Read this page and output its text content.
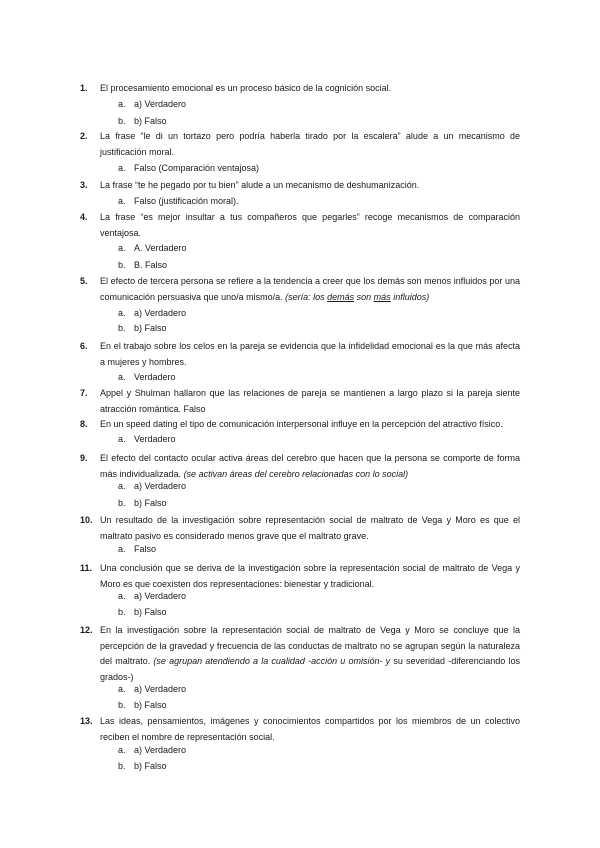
1.	El procesamiento emocional es un proceso básico de la cognición social.
a. a) Verdadero
b. b) Falso
2.	La frase “le di un tortazo pero podría haberla tirado por la escalera” alude a un mecanismo de justificación moral.
a. Falso (Comparación ventajosa)
3.	La frase “te he pegado por tu bien” alude a un mecanismo de deshumanización.
a. Falso (justificación moral).
4.	La frase “es mejor insultar a tus compañeros que pegarles” recoge mecanismos de comparación ventajosa.
a. A. Verdadero
b. B. Falso
5.	El efecto de tercera persona se refiere a la tendencia a creer que los demás son menos influidos por una comunicación persuasiva que uno/a mismo/a. (sería: los demás son más influidos)
a. a) Verdadero
b. b) Falso
6.	En el trabajo sobre los celos en la pareja se evidencia que la infidelidad emocional es la que más afecta a mujeres y hombres.
a. Verdadero
7.	Appel y Shulman hallaron que las relaciones de pareja se mantienen a largo plazo si la pareja siente atracción romántica. Falso
8.	En un speed dating el tipo de comunicación interpersonal influye en la percepción del atractivo físico.
a. Verdadero
9.	El efecto del contacto ocular activa áreas del cerebro que hacen que la persona se comporte de forma más individualizada. (se activan áreas del cerebro relacionadas con lo social)
a. a) Verdadero
b. b) Falso
10. Un resultado de la investigación sobre representación social de maltrato de Vega y Moro es que el maltrato pasivo es considerado menos grave que el maltrato grave.
a. Falso
11. Una conclusión que se deriva de la investigación sobre la representación social de maltrato de Vega y Moro es que coexisten dos representaciones: bienestar y tradicional.
a. a) Verdadero
b. b) Falso
12. En la investigación sobre la representación social de maltrato de Vega y Moro se concluye que la percepción de la gravedad y frecuencia de las conductas de maltrato no se agrupan según la naturaleza del maltrato. (se agrupan atendiendo a la cualidad -acción u omisión- y su severidad -diferenciando los grados-)
a. a) Verdadero
b. b) Falso
13. Las ideas, pensamientos, imágenes y conocimientos compartidos por los miembros de un colectivo reciben el nombre de representación social.
a. a) Verdadero
b. b) Falso
